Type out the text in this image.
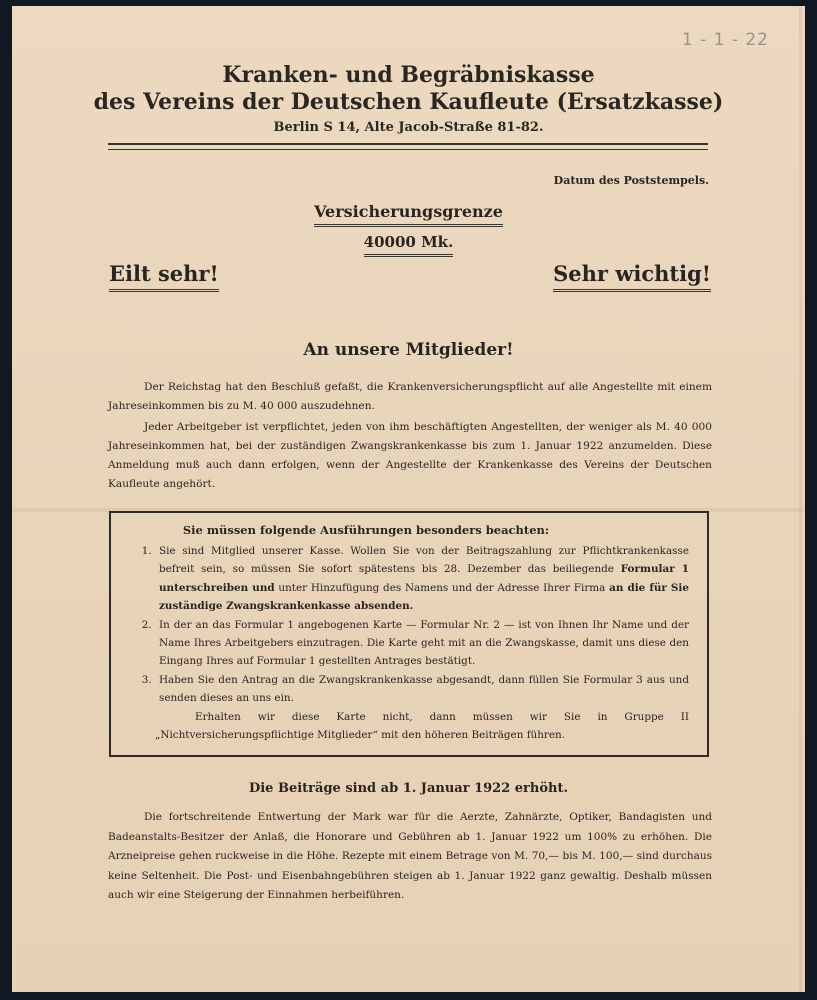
1 - 1 - 22
Kranken- und Begräbniskasse
des Vereins der Deutschen Kaufleute (Ersatzkasse)
Berlin S 14, Alte Jacob-Straße 81-82.
Datum des Poststempels.
Versicherungsgrenze
40000 Mk.
Eilt sehr!	Sehr wichtig!
An unsere Mitglieder!
Der Reichstag hat den Beschluß gefaßt, die Krankenversicherungspflicht auf alle Angestellte mit einem Jahreseinkommen bis zu M. 40 000 auszudehnen.
Jeder Arbeitgeber ist verpflichtet, jeden von ihm beschäftigten Angestellten, der weniger als M. 40 000 Jahreseinkommen hat, bei der zuständigen Zwangskrankenkasse bis zum 1. Januar 1922 anzumelden. Diese Anmeldung muß auch dann erfolgen, wenn der Angestellte der Krankenkasse des Vereins der Deutschen Kaufleute angehört.
Sie müssen folgende Ausführungen besonders beachten:
1. Sie sind Mitglied unserer Kasse. Wollen Sie von der Beitragszahlung zur Pflichtkrankenkasse befreit sein, so müssen Sie sofort spätestens bis 28. Dezember das beiliegende Formular 1 unterschreiben und unter Hinzufügung des Namens und der Adresse Ihrer Firma an die für Sie zuständige Zwangskrankenkasse absenden.
2. In der an das Formular 1 angebogenen Karte — Formular Nr. 2 — ist von Ihnen Ihr Name und der Name Ihres Arbeitgebers einzutragen. Die Karte geht mit an die Zwangskasse, damit uns diese den Eingang Ihres auf Formular 1 gestellten Antrages bestätigt.
3. Haben Sie den Antrag an die Zwangskrankenkasse abgesandt, dann füllen Sie Formular 3 aus und senden dieses an uns ein.
Erhalten wir diese Karte nicht, dann müssen wir Sie in Gruppe II „Nichtversicherungspflichtige Mitglieder“ mit den höheren Beiträgen führen.
Die Beiträge sind ab 1. Januar 1922 erhöht.
Die fortschreitende Entwertung der Mark war für die Aerzte, Zahnärzte, Optiker, Bandagisten und Badeanstalts-Besitzer der Anlaß, die Honorare und Gebühren ab 1. Januar 1922 um 100% zu erhöhen. Die Arzneipreise gehen ruckweise in die Höhe. Rezepte mit einem Betrage von M. 70,— bis M. 100,— sind durchaus keine Seltenheit. Die Post- und Eisenbahngebühren steigen ab 1. Januar 1922 ganz gewaltig. Deshalb müssen auch wir eine Steigerung der Einnahmen herbeiführen.
